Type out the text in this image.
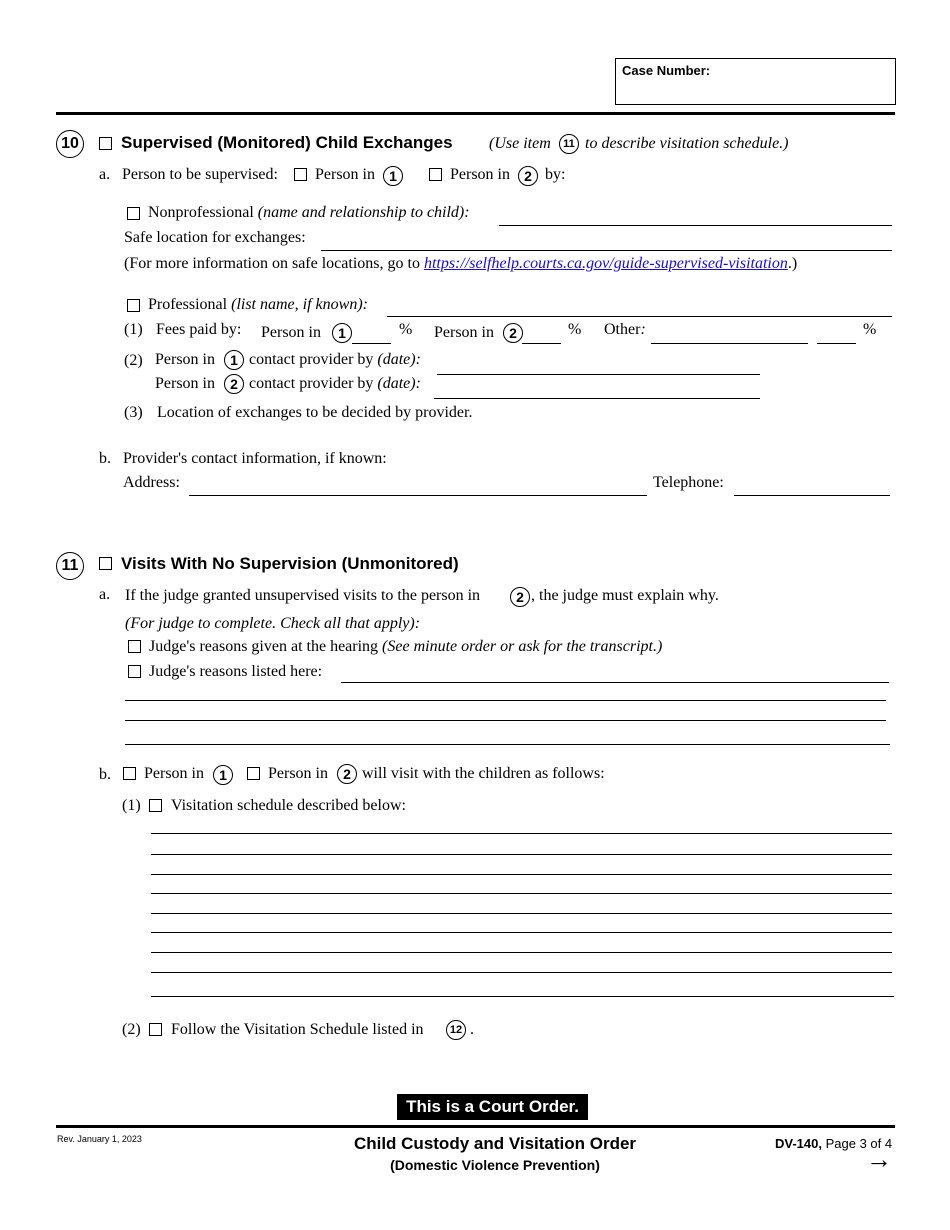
Case Number:
10	Supervised (Monitored) Child Exchanges (Use item	11 to describe visitation schedule.)
a. Person to be supervised: Person in	1	Person in	2 by:
Nonprofessional (name and relationship to child):
Safe location for exchanges:
(For more information on safe locations, go to https://selfhelp.courts.ca.gov/guide-supervised-visitation.)
Professional (list name, if known):
(1) Fees paid by: Person in	1	% Person in	2	% Other:	%
(2) Person in	1 contact provider by (date):
Person in	2 contact provider by (date):
(3) Location of exchanges to be decided by provider.
b. Provider's contact information, if known:
Address:	Telephone:
11	Visits With No Supervision (Unmonitored)
a. If the judge granted unsupervised visits to the person in	2 , the judge must explain why.
(For judge to complete. Check all that apply):
Judge's reasons given at the hearing (See minute order or ask for the transcript.)
Judge's reasons listed here:
b. Person in	1	Person in	2 will visit with the children as follows:
(1) Visitation schedule described below:
(2) Follow the Visitation Schedule listed in	12 .
This is a Court Order.
Rev. January 1, 2023	Child Custody and Visitation Order
(Domestic Violence Prevention)
DV-140, Page 3 of 4
→
